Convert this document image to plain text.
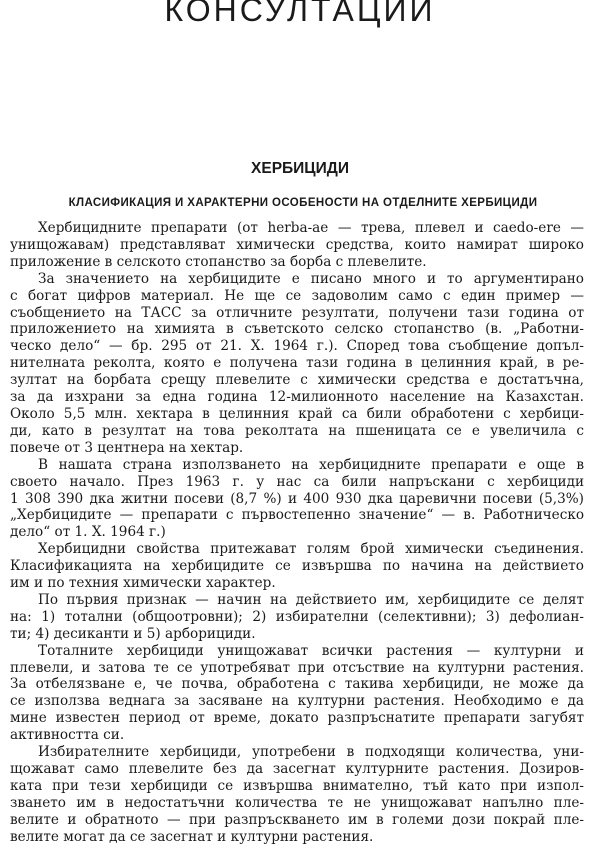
КОНСУЛТАЦИИ
ХЕРБИЦИДИ
КЛАСИФИКАЦИЯ И ХАРАКТЕРНИ ОСОБЕНОСТИ НА ОТДЕЛНИТЕ ХЕРБИЦИДИ

Хербицидните препарати (от herba-ae — трева, плевел и caedo-ere —
унищожавам) представляват химически средства, които намират широко
приложение в селското стопанство за борба с плевелите.

За значението на хербицидите е писано много и то аргументирано
с богат цифров материал. Не ще се задоволим само с един пример —
съобщението на ТАСС за отличните резултати, получени тази година от
приложението на химията в съветското селско стопанство (в. „Работни-
ческо дело“ — бр. 295 от 21. X. 1964 г.). Според това съобщение допъл-
нителната реколта, която е получена тази година в целинния край, в ре-
зултат на борбата срещу плевелите с химически средства е достатъчна,
за да изхрани за една година 12-милионното население на Казахстан.
Около 5,5 млн. хектара в целинния край са били обработени с хербици-
ди, като в резултат на това реколтата на пшеницата се е увеличила с
повече от 3 центнера на хектар.

В нашата страна използването на хербицидните препарати е още в
своето начало. През 1963 г. у нас са били напръскани с хербициди
1 308 390 дка житни посеви (8,7 %) и 400 930 дка царевични посеви (5,3%)
„Хербицидите — препарати с първостепенно значение“ — в. Работническо
дело“ от 1. X. 1964 г.)

Хербицидни свойства притежават голям брой химически съединения.
Класификацията на хербицидите се извършва по начина на действието
им и по техния химически характер.

По първия признак — начин на действието им, хербицидите се делят
на: 1) тотални (общоотровни); 2) избирателни (селективни); 3) дефолиан-
ти; 4) десиканти и 5) арборициди.

Тоталните хербициди унищожават всички растения — културни и
плевели, и затова те се употребяват при отсъствие на културни растения.
За отбелязване е, че почва, обработена с такива хербициди, не може да
се използва веднага за засяване на културни растения. Необходимо е да
мине известен период от време, докато разпръснатите препарати загубят
активността си.

Избирателните хербициди, употребени в подходящи количества, уни-
щожават само плевелите без да засегнат културните растения. Дозиров-
ката при тези хербициди се извършва внимателно, тъй като при изпол-
зването им в недостатъчни количества те не унищожават напълно пле-
велите и обратното — при разпръскването им в големи дози покрай пле-
велите могат да се засегнат и културни растения.
